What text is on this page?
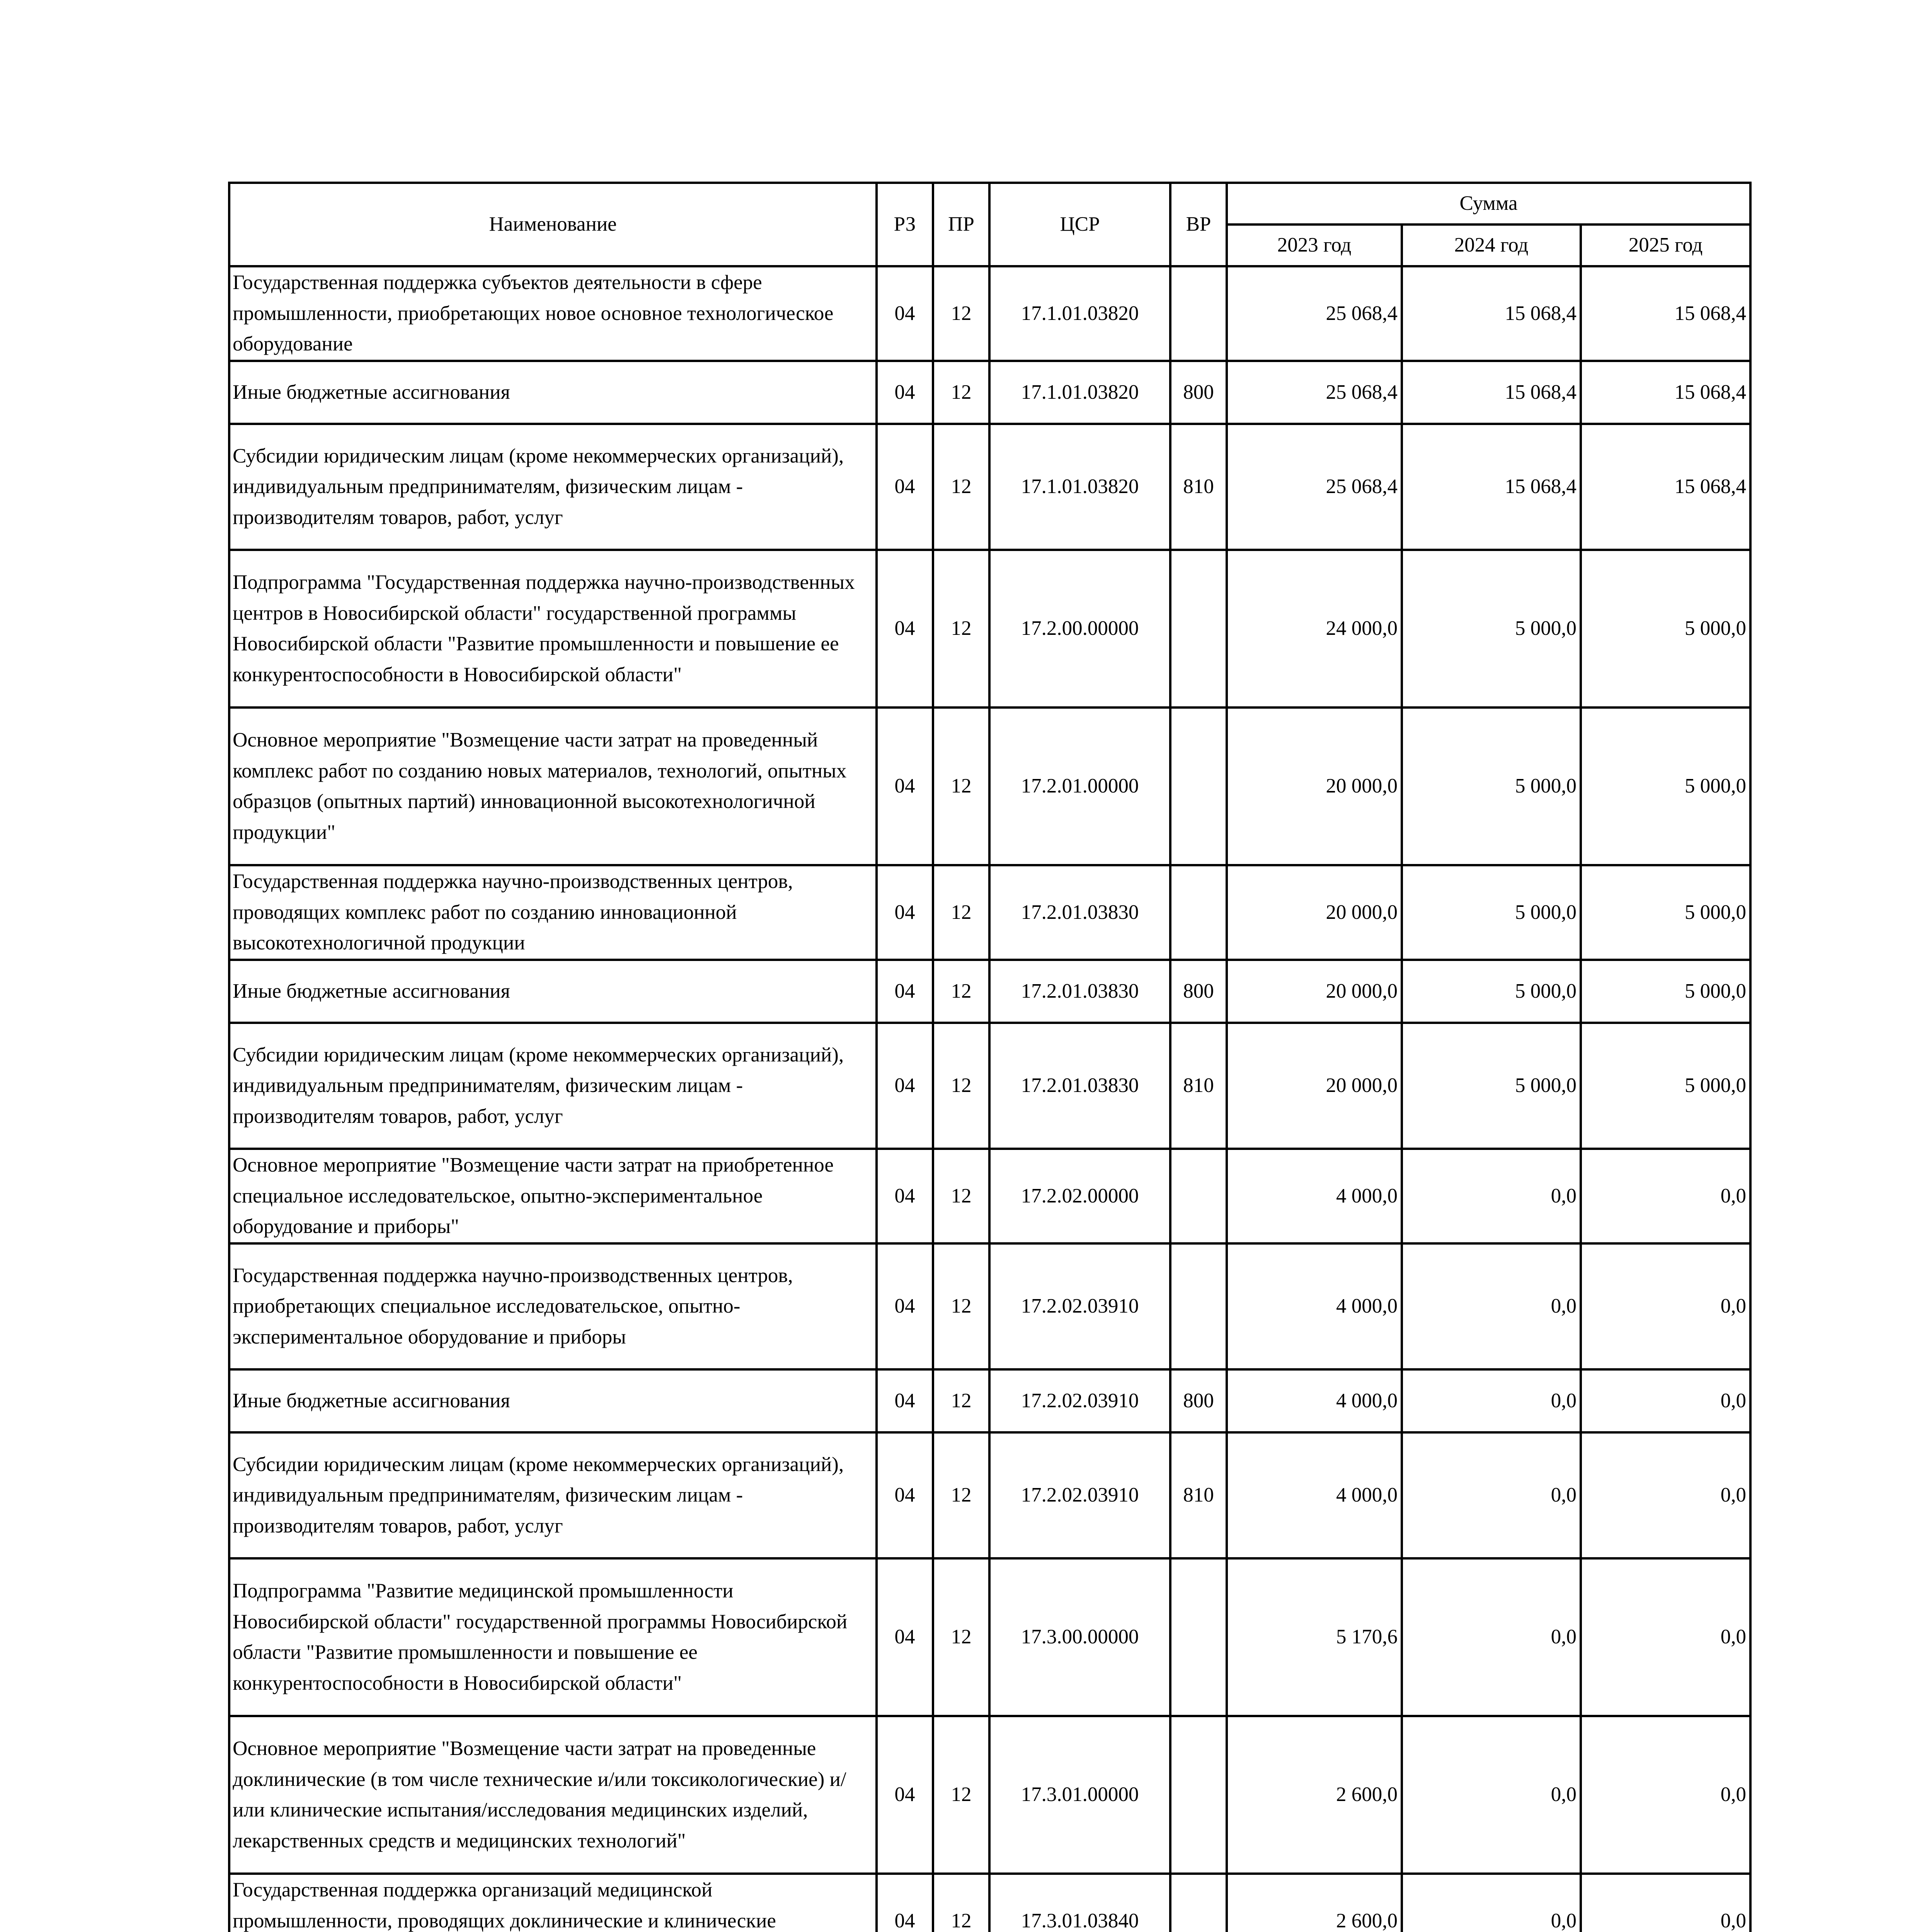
Наименование	РЗ	ПР	ЦСР	ВР	Сумма		
					2023 год	2024 год	2025 год
Государственная поддержка субъектов деятельности в сфере промышленности, приобретающих новое основное технологическое оборудование	04	12	17.1.01.03820		25 068,4	15 068,4	15 068,4
Иные бюджетные ассигнования	04	12	17.1.01.03820	800	25 068,4	15 068,4	15 068,4
Субсидии юридическим лицам (кроме некоммерческих организаций), индивидуальным предпринимателям, физическим лицам - производителям товаров, работ, услуг	04	12	17.1.01.03820	810	25 068,4	15 068,4	15 068,4
Подпрограмма "Государственная поддержка научно-производственных центров в Новосибирской области" государственной программы Новосибирской области "Развитие промышленности и повышение ее конкурентоспособности в Новосибирской области"	04	12	17.2.00.00000		24 000,0	5 000,0	5 000,0
Основное мероприятие "Возмещение части затрат на проведенный комплекс работ по созданию новых материалов, технологий, опытных образцов (опытных партий) инновационной высокотехнологичной продукции"	04	12	17.2.01.00000		20 000,0	5 000,0	5 000,0
Государственная поддержка научно-производственных центров, проводящих комплекс работ по созданию инновационной высокотехнологичной продукции	04	12	17.2.01.03830		20 000,0	5 000,0	5 000,0
Иные бюджетные ассигнования	04	12	17.2.01.03830	800	20 000,0	5 000,0	5 000,0
Субсидии юридическим лицам (кроме некоммерческих организаций), индивидуальным предпринимателям, физическим лицам - производителям товаров, работ, услуг	04	12	17.2.01.03830	810	20 000,0	5 000,0	5 000,0
Основное мероприятие "Возмещение части затрат на приобретенное специальное исследовательское, опытно-экспериментальное оборудование и приборы"	04	12	17.2.02.00000		4 000,0	0,0	0,0
Государственная поддержка научно-производственных центров, приобретающих специальное исследовательское, опытно-экспериментальное оборудование и приборы	04	12	17.2.02.03910		4 000,0	0,0	0,0
Иные бюджетные ассигнования	04	12	17.2.02.03910	800	4 000,0	0,0	0,0
Субсидии юридическим лицам (кроме некоммерческих организаций), индивидуальным предпринимателям, физическим лицам - производителям товаров, работ, услуг	04	12	17.2.02.03910	810	4 000,0	0,0	0,0
Подпрограмма "Развитие медицинской промышленности Новосибирской области" государственной программы Новосибирской области "Развитие промышленности и повышение ее конкурентоспособности в Новосибирской области"	04	12	17.3.00.00000		5 170,6	0,0	0,0
Основное мероприятие "Возмещение части затрат на проведенные доклинические (в том числе технические и/или токсикологические) и/или клинические испытания/исследования медицинских изделий, лекарственных средств и медицинских технологий"	04	12	17.3.01.00000		2 600,0	0,0	0,0
Государственная поддержка организаций медицинской промышленности, проводящих доклинические и клинические	04	12	17.3.01.03840		2 600,0	0,0	0,0
